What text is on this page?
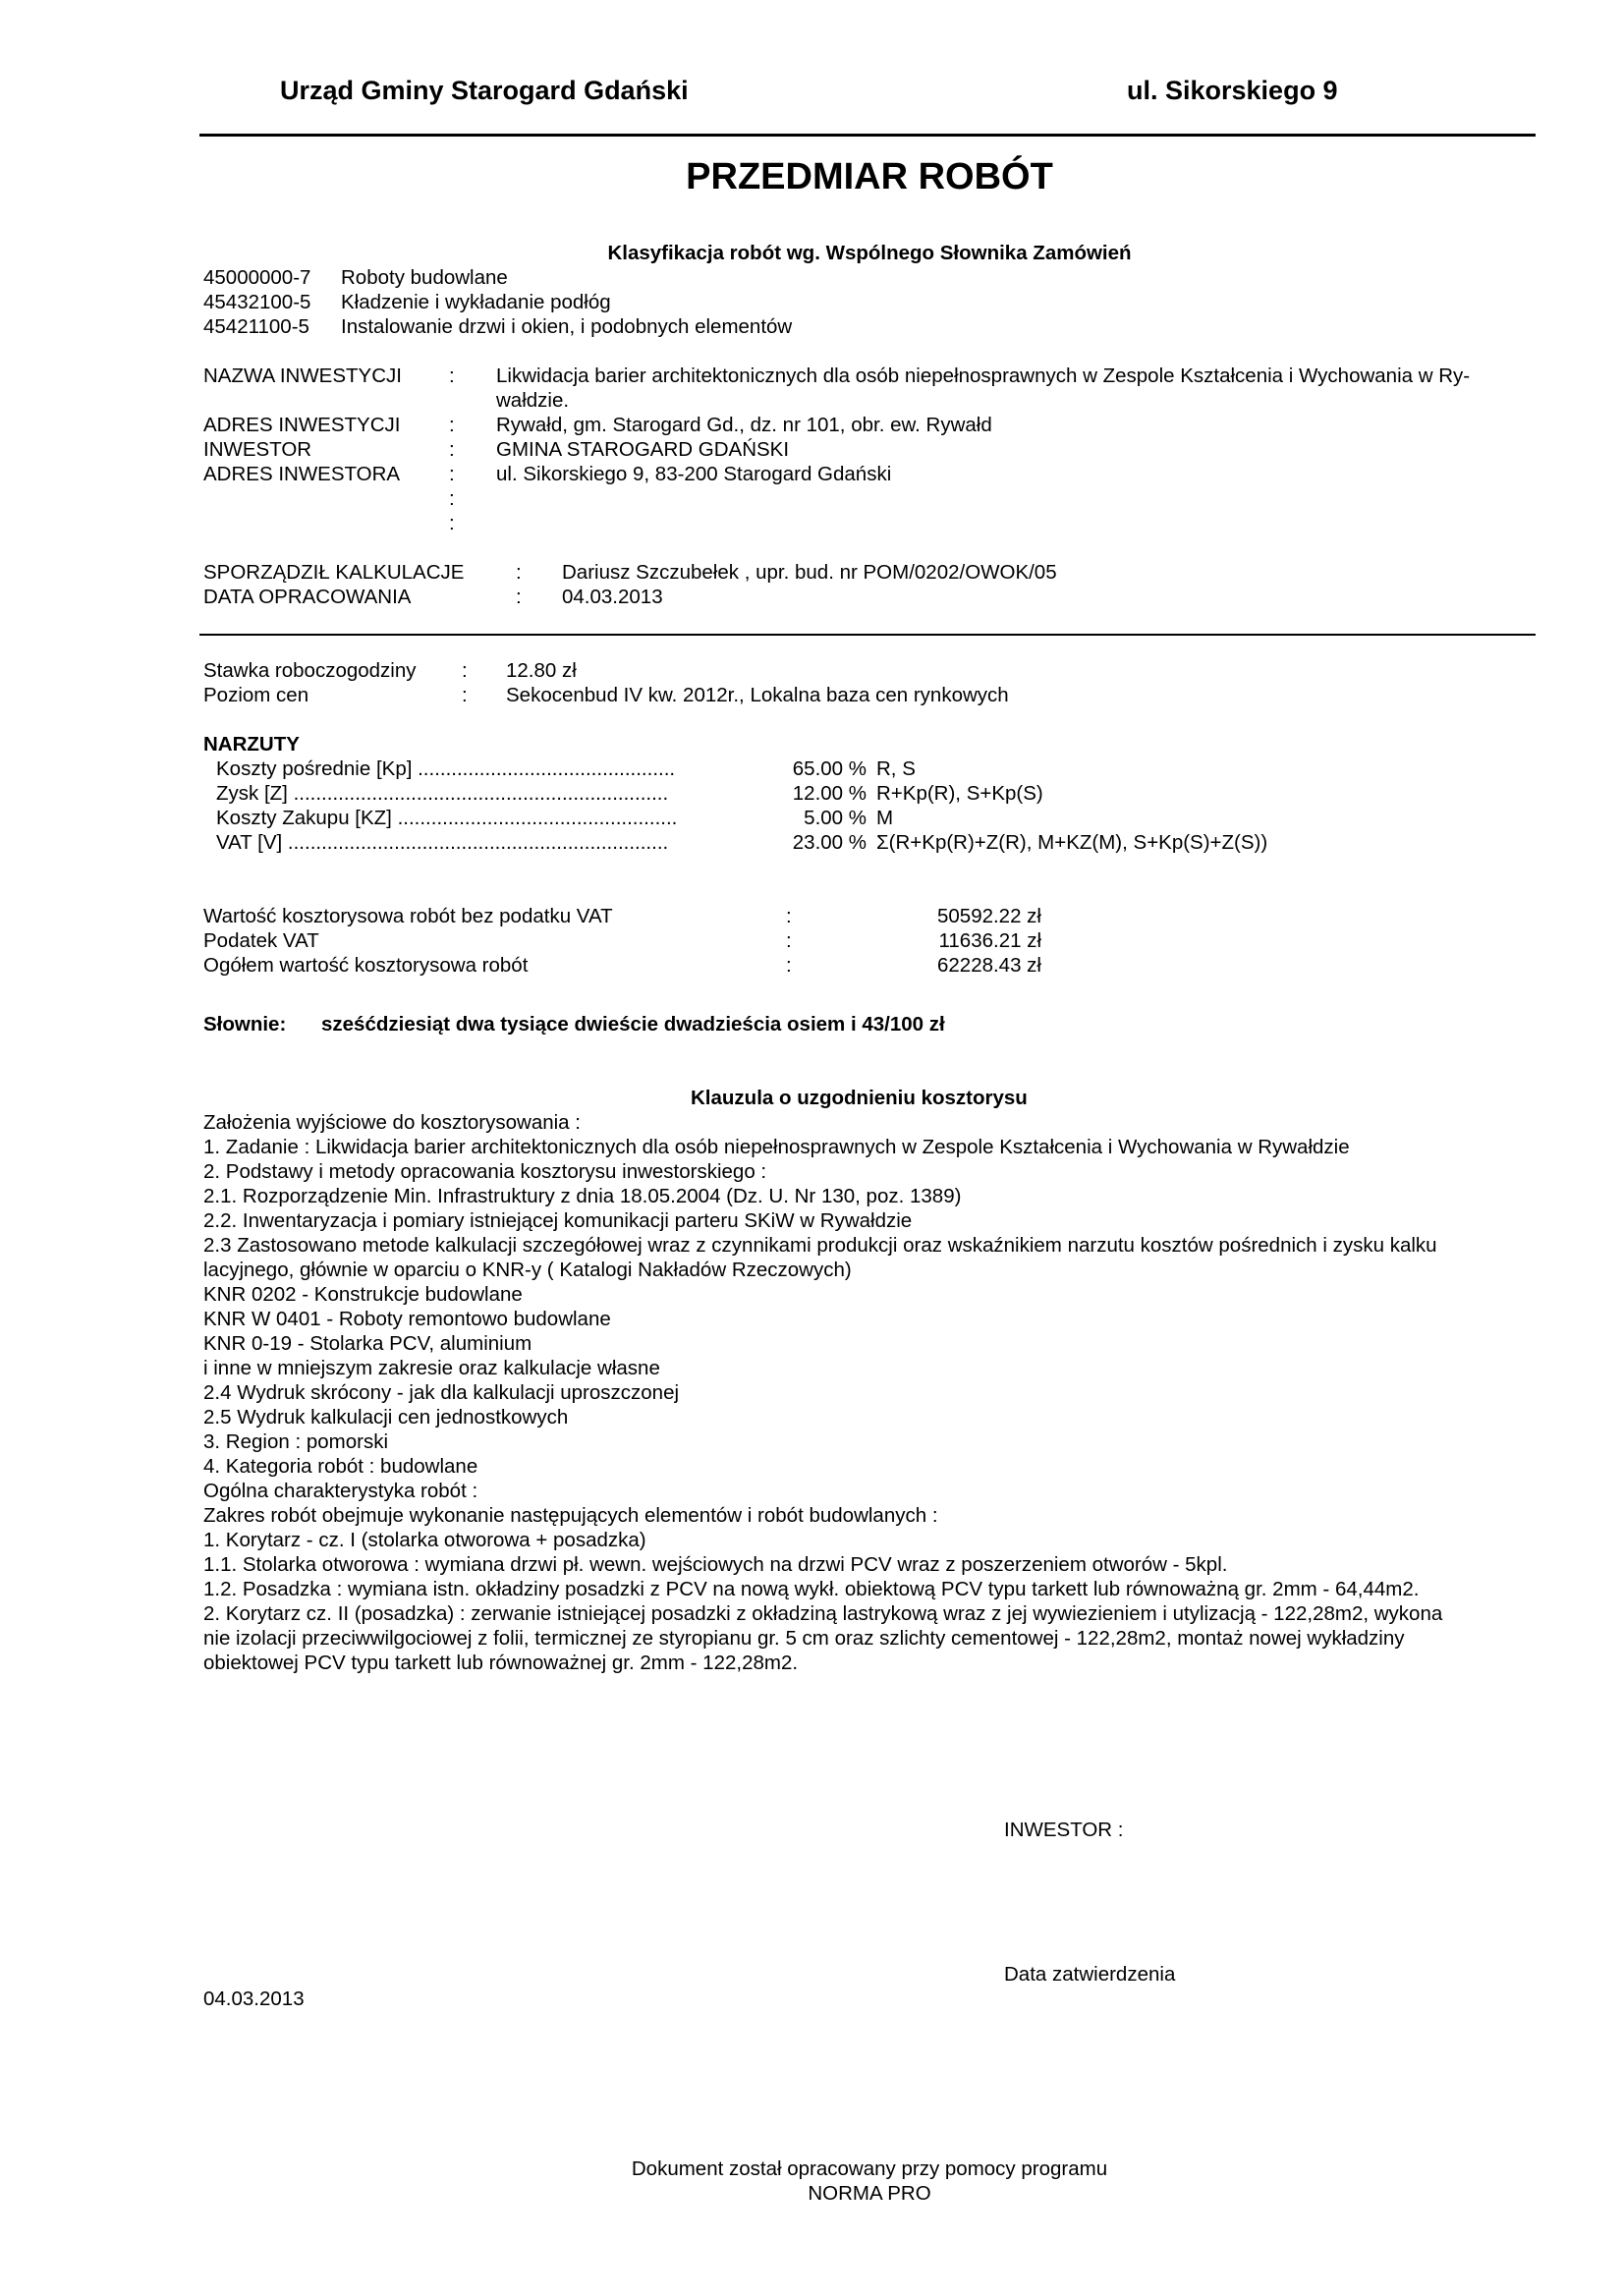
Urząd Gminy Starogard Gdański	ul. Sikorskiego 9
PRZEDMIAR ROBÓT
Klasyfikacja robót wg. Wspólnego Słownika Zamówień
45000000-7 Roboty budowlane
45432100-5 Kładzenie i wykładanie podłóg
45421100-5 Instalowanie drzwi i okien, i podobnych elementów
NAZWA INWESTYCJI : Likwidacja barier architektonicznych dla osób niepełnosprawnych w Zespole Kształcenia i Wychowania w Ry-
wałdzie.
ADRES INWESTYCJI : Rywałd, gm. Starogard Gd., dz. nr 101, obr. ew. Rywałd
INWESTOR	: GMINA STAROGARD GDAŃSKI
ADRES INWESTORA : ul. Sikorskiego 9, 83-200 Starogard Gdański
:
:
SPORZĄDZIŁ KALKULACJE	: Dariusz Szczubełek , upr. bud. nr POM/0202/OWOK/05
DATA OPRACOWANIA	: 04.03.2013
Stawka roboczogodziny : 12.80 zł
Poziom cen	: Sekocenbud IV kw. 2012r., Lokalna baza cen rynkowych
NARZUTY
Koszty pośrednie [Kp] ..............................................	65.00 % R, S
Zysk [Z] ...................................................................	12.00 % R+Kp(R), S+Kp(S)
Koszty Zakupu [KZ] ..................................................	5.00 % M
VAT [V] ....................................................................	23.00 % Σ(R+Kp(R)+Z(R), M+KZ(M), S+Kp(S)+Z(S))
Wartość kosztorysowa robót bez podatku VAT	:	50592.22 zł
Podatek VAT	:	11636.21 zł
Ogółem wartość kosztorysowa robót	:	62228.43 zł
Słownie: sześćdziesiąt dwa tysiące dwieście dwadzieścia osiem i 43/100 zł
Klauzula o uzgodnieniu kosztorysu
Założenia wyjściowe do kosztorysowania :
1. Zadanie : Likwidacja barier architektonicznych dla osób niepełnosprawnych w Zespole Kształcenia i Wychowania w Rywałdzie
2. Podstawy i metody opracowania kosztorysu inwestorskiego :
2.1. Rozporządzenie Min. Infrastruktury z dnia 18.05.2004 (Dz. U. Nr 130, poz. 1389)
2.2. Inwentaryzacja i pomiary istniejącej komunikacji parteru SKiW w Rywałdzie
2.3 Zastosowano metode kalkulacji szczegółowej wraz z czynnikami produkcji oraz wskaźnikiem narzutu kosztów pośrednich i zysku kalku
lacyjnego, głównie w oparciu o KNR-y ( Katalogi Nakładów Rzeczowych)
KNR 0202 - Konstrukcje budowlane
KNR W 0401 - Roboty remontowo budowlane
KNR 0-19 - Stolarka PCV, aluminium
i inne w mniejszym zakresie oraz kalkulacje własne
2.4 Wydruk skrócony - jak dla kalkulacji uproszczonej
2.5 Wydruk kalkulacji cen jednostkowych
3. Region : pomorski
4. Kategoria robót : budowlane
Ogólna charakterystyka robót :
Zakres robót obejmuje wykonanie następujących elementów i robót budowlanych :
1. Korytarz - cz. I (stolarka otworowa + posadzka)
1.1. Stolarka otworowa : wymiana drzwi pł. wewn. wejściowych na drzwi PCV wraz z poszerzeniem otworów - 5kpl.
1.2. Posadzka : wymiana istn. okładziny posadzki z PCV na nową wykł. obiektową PCV typu tarkett lub równoważną gr. 2mm - 64,44m2.
2. Korytarz cz. II (posadzka) : zerwanie istniejącej posadzki z okładziną lastrykową wraz z jej wywiezieniem i utylizacją - 122,28m2, wykona
nie izolacji przeciwwilgociowej z folii, termicznej ze styropianu gr. 5 cm oraz szlichty cementowej - 122,28m2, montaż nowej wykładziny
obiektowej PCV typu tarkett lub równoważnej gr. 2mm - 122,28m2.
INWESTOR :
Data zatwierdzenia
04.03.2013
Dokument został opracowany przy pomocy programu
NORMA PRO
